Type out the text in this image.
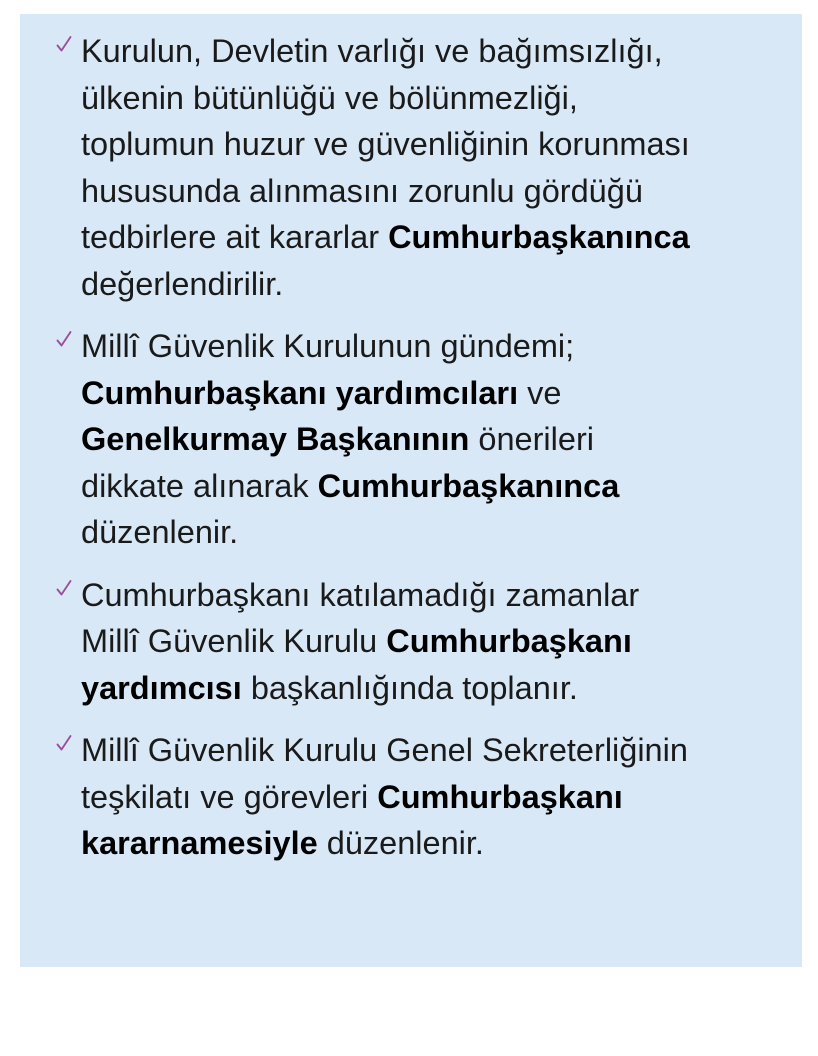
Kurulun, Devletin varlığı ve bağımsızlığı,
ülkenin bütünlüğü ve bölünmezliği,
toplumun huzur ve güvenliğinin korunması
hususunda alınmasını zorunlu gördüğü
tedbirlere ait kararlar Cumhurbaşkanınca
değerlendirilir.
Millî Güvenlik Kurulunun gündemi;
Cumhurbaşkanı yardımcıları ve
Genelkurmay Başkanının önerileri
dikkate alınarak Cumhurbaşkanınca
düzenlenir.
Cumhurbaşkanı katılamadığı zamanlar
Millî Güvenlik Kurulu Cumhurbaşkanı
yardımcısı başkanlığında toplanır.
Millî Güvenlik Kurulu Genel Sekreterliğinin
teşkilatı ve görevleri Cumhurbaşkanı
kararnamesiyle düzenlenir.
